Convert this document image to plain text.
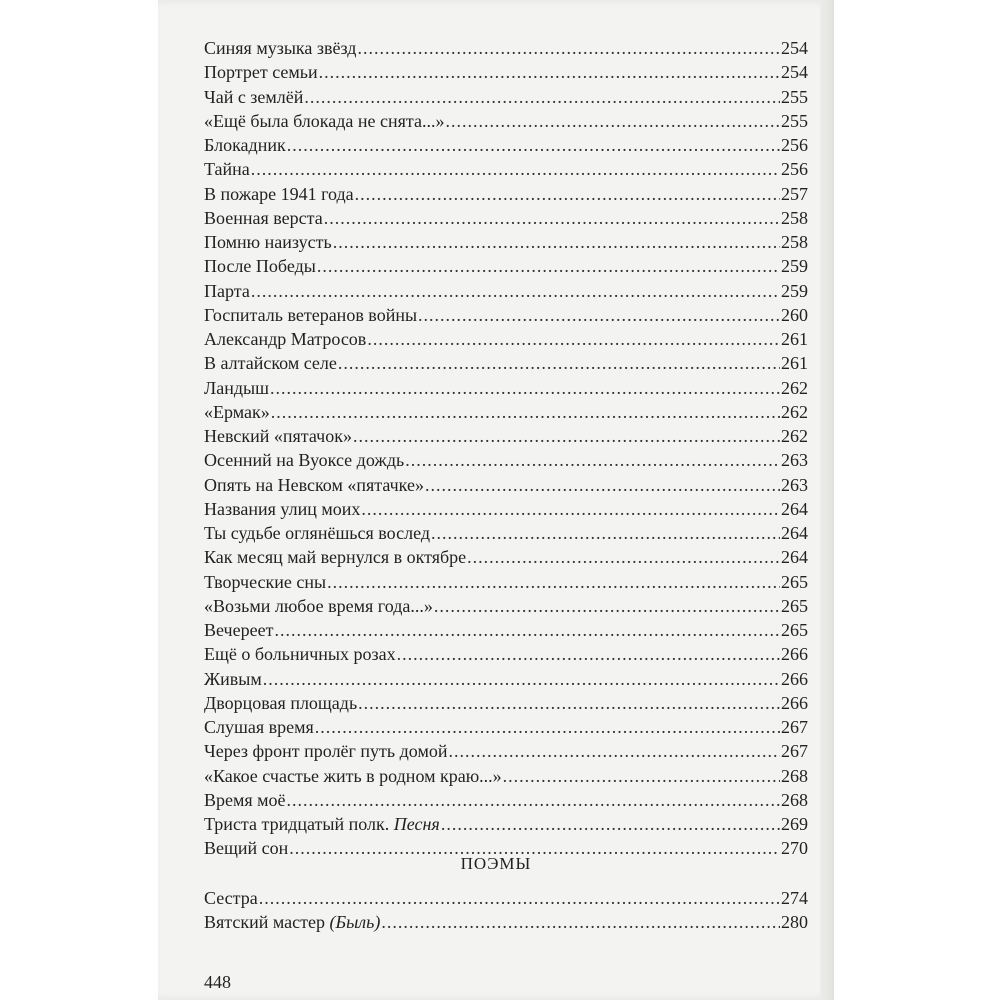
Синяя музыка звёзд .....	254
Портрет семьи .....	254
Чай с землёй .....	255
«Ещё была блокада не снята...» .....	255
Блокадник .....	256
Тайна .....	256
В пожаре 1941 года .....	257
Военная верста .....	258
Помню наизусть .....	258
После Победы .....	259
Парта .....	259
Госпиталь ветеранов войны .....	260
Александр Матросов .....	261
В алтайском селе .....	261
Ландыш .....	262
«Ермак» .....	262
Невский «пятачок» .....	262
Осенний на Вуоксе дождь .....	263
Опять на Невском «пятачке» .....	263
Названия улиц моих .....	264
Ты судьбе оглянёшься вослед .....	264
Как месяц май вернулся в октябре .....	264
Творческие сны .....	265
«Возьми любое время года...» .....	265
Вечереет .....	265
Ещё о больничных розах .....	266
Живым .....	266
Дворцовая площадь .....	266
Слушая время .....	267
Через фронт пролёг путь домой .....	267
«Какое счастье жить в родном краю...» .....	268
Время моё .....	268
Триста тридцатый полк. Песня .....	269
Вещий сон .....	270
ПОЭМЫ
Сестра .....	274
Вятский мастер (Быль) .....	280
448
